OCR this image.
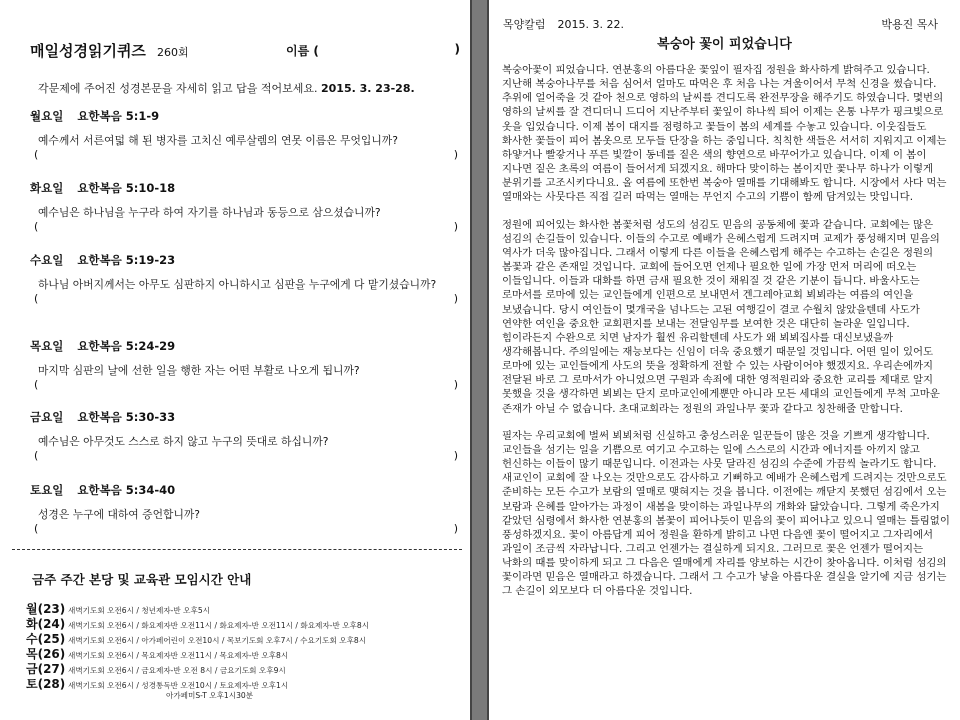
매일성경읽기퀴즈 260회	이름 (	)
각문제에 주어진 성경본문을 자세히 읽고 답을 적어보세요. 2015. 3. 23-28.
월요일 요한복음 5:1-9
예수께서 서른여덟 해 된 병자를 고치신 예루살렘의 연못 이름은 무엇입니까?
(	)
화요일 요한복음 5:10-18
예수님은 하나님을 누구라 하여 자기를 하나님과 동등으로 삼으셨습니까?
(	)
수요일 요한복음 5:19-23
하나님 아버지께서는 아무도 심판하지 아니하시고 심판을 누구에게 다 맡기셨습니까?
(	)
목요일 요한복음 5:24-29
마지막 심판의 날에 선한 일을 행한 자는 어떤 부활로 나오게 됩니까?
(	)
금요일 요한복음 5:30-33
예수님은 아무것도 스스로 하지 않고 누구의 뜻대로 하십니까?
(	)
토요일 요한복음 5:34-40
성경은 누구에 대하여 증언합니까?
(	)
금주 주간 본당 및 교육관 모임시간 안내
월(23) 새벽기도회 오전6시 / 청년제자-반 오후5시
화(24) 새벽기도회 오전6시 / 화요제자반 오전11시 / 화요제자-반 오전11시 / 화요제자-반 오후8시
수(25) 새벽기도회 오전6시 / 아가페어린이 오전10시 / 목보기도회 오후7시 / 수요기도회 오후8시
목(26) 새벽기도회 오전6시 / 목요제자반 오전11시 / 목요제자-반 오후8시
금(27) 새벽기도회 오전6시 / 금요제자-반 오전 8시 / 금요기도회 오후9시
토(28) 새벽기도회 오전6시 / 성경통독반 오전10시 / 토요제자-반 오후1시
아가페미S-T 오후1시30분
목양칼럼 2015. 3. 22.	박용진 목사
복숭아 꽃이 피었습니다

복숭아꽃이 피었습니다. 연분홍의 아름다운 꽃잎이 필자집 정원을 화사하게 밝혀주고 있습니다. 지난해 복숭아나무를 처음 심어서 얼마도 따먹은 후 처음 나는 겨울이어서 무척 신경을 썼습니다. 추위에 얼어죽을 것 같아 천으로 영하의 날씨를 견디도록 완전무장을 해주기도 하였습니다. 몇번의 영하의 날씨를 잘 견디더니 드디어 지난주부터 꽃잎이 하나씩 틔어 이제는 온통 나무가 핑크빛으로 옷을 입었습니다. 이제 봄이 대지를 점령하고 꽃들이 봄의 세계를 수놓고 있습니다. 이웃집들도 화사한 꽃들이 피어 봄옷으로 모두들 단장을 하는 중입니다. 칙칙한 색들은 서서히 지워지고 이제는 하얗거나 빨갛거나 푸른 빛깔이 동네를 짙은 색의 향연으로 바꾸어가고 있습니다. 이제 이 봄이 지나면 짙은 초록의 여름이 들어서게 되겠지요. 해마다 맞이하는 봄이지만 꽃나무 하나가 이렇게 분위기를 고조시키다니요. 올 여름에 또한번 복숭아 열매를 기대해봐도 합니다. 시장에서 사다 먹는 열매와는 사뭇다른 직접 길러 따먹는 열매는 무언지 수고의 기쁨이 함께 담겨있는 맛입니다.

정원에 피어있는 화사한 봄꽃처럼 성도의 섬김도 믿음의 공동체에 꽃과 같습니다. 교회에는 많은 섬김의 손길들이 있습니다. 이들의 수고로 예배가 은혜스럽게 드려지며 교제가 풍성해지며 믿음의 역사가 더욱 많아집니다. 그래서 이렇게 다른 이들을 은혜스럽게 해주는 수고하는 손길은 정원의 봄꽃과 같은 존재일 것입니다. 교회에 들어오면 언제나 필요한 일에 가장 먼저 머리에 떠오는 이들입니다. 이들과 대화를 하면 금새 필요한 것이 채워질 것 같은 기분이 듭니다. 바울사도는 로마서를 로마에 있는 교인들에게 인편으로 보내면서 겐그레아교회 뵈뵈라는 여름의 여인을 보냈습니다. 당시 여인들이 몇개국을 넘나드는 고된 여행길이 결코 수월치 않았을텐데 사도가 연약한 여인을 중요한 교회편지를 보내는 전달임무를 보여한 것은 대단히 놀라운 일입니다. 힘이라든지 수완으로 치면 남자가 훨씬 유리할텐데 사도가 왜 뵈뵈집사를 대신보냈을까 생각해봅니다. 주의일에는 재능보다는 신임이 더욱 중요했기 때문일 것입니다. 어떤 일이 있어도 로마에 있는 교인들에게 사도의 뜻을 정확하게 전할 수 있는 사람이어야 했겠지요. 우리손에까지 전달된 바로 그 로마서가 아니었으면 구원과 속죄에 대한 영적원리와 중요한 교리를 제대로 알지 못했을 것을 생각하면 뵈뵈는 단지 로마교인에게뿐만 아니라 모든 세대의 교인들에게 무척 고마운 존재가 아닐 수 없습니다. 초대교회라는 정원의 과일나무 꽃과 같다고 칭찬해줄 만합니다.

필자는 우리교회에 벌써 뵈뵈처럼 신실하고 충성스러운 일꾼들이 많은 것을 기쁘게 생각합니다. 교인들을 섬기는 일을 기쁨으로 여기고 수고하는 일에 스스로의 시간과 에너지를 아끼지 않고 헌신하는 이들이 많기 때문입니다. 이전과는 사뭇 달라진 섬김의 수준에 가끔씩 놀라기도 합니다. 새교인이 교회에 잘 나오는 것만으로도 감사하고 기뻐하고 예배가 은혜스럽게 드려지는 것만으로도 준비하는 모든 수고가 보람의 열매로 맺혀지는 것을 봅니다. 이전에는 깨닫지 못했던 섬김에서 오는 보람과 은혜를 알아가는 과정이 새봄을 맞이하는 과일나무의 개화와 닮았습니다. 그렇게 죽은가지 같았던 심령에서 화사한 연분홍의 봄꽃이 피어나듯이 믿음의 꽃이 피어나고 있으니 열매는 틀림없이 풍성하겠지요. 꽃이 아름답게 피어 정원을 환하게 밝히고 나면 다음엔 꽃이 떨어지고 그자리에서 과일이 조금씩 자라납니다. 그리고 언젠가는 결실하게 되지요. 그러므로 꽃은 언젠가 떨어지는 낙화의 때를 맞이하게 되고 그 다음은 열매에게 자리를 양보하는 시간이 찾아옵니다. 이처럼 섬김의 꽃이라면 믿음은 열매라고 하겠습니다. 그래서 그 수고가 낳을 아름다운 결실을 알기에 지금 섬기는 그 손길이 외모보다 더 아름다운 것입니다.
